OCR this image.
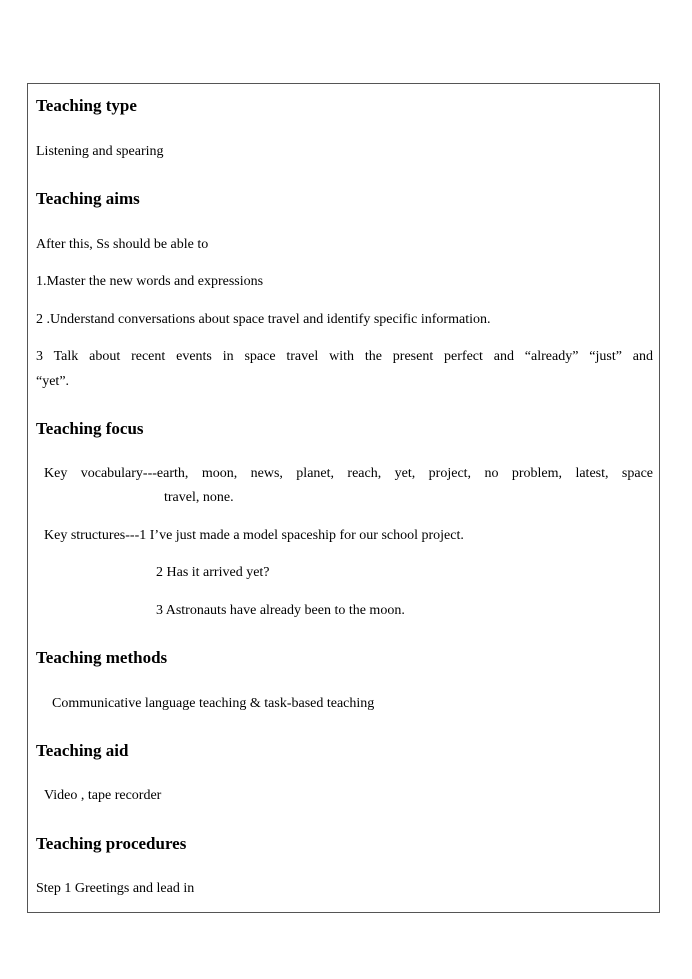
Teaching type

Listening and spearing

Teaching aims

After this, Ss should be able to

1.Master the new words and expressions

2 .Understand conversations about space travel and identify specific information.

3 Talk about recent events in space travel with the present perfect and “already” “just” and

“yet”.

Teaching focus
Key vocabulary---earth, moon, news, planet, reach, yet, project, no problem, latest, space
travel, none.

Key structures---1 I’ve just made a model spaceship for our school project.

2 Has it arrived yet?

3 Astronauts have already been to the moon.

Teaching methods

Communicative language teaching & task-based teaching

Teaching aid

Video , tape recorder

Teaching procedures

Step 1 Greetings and lead in
